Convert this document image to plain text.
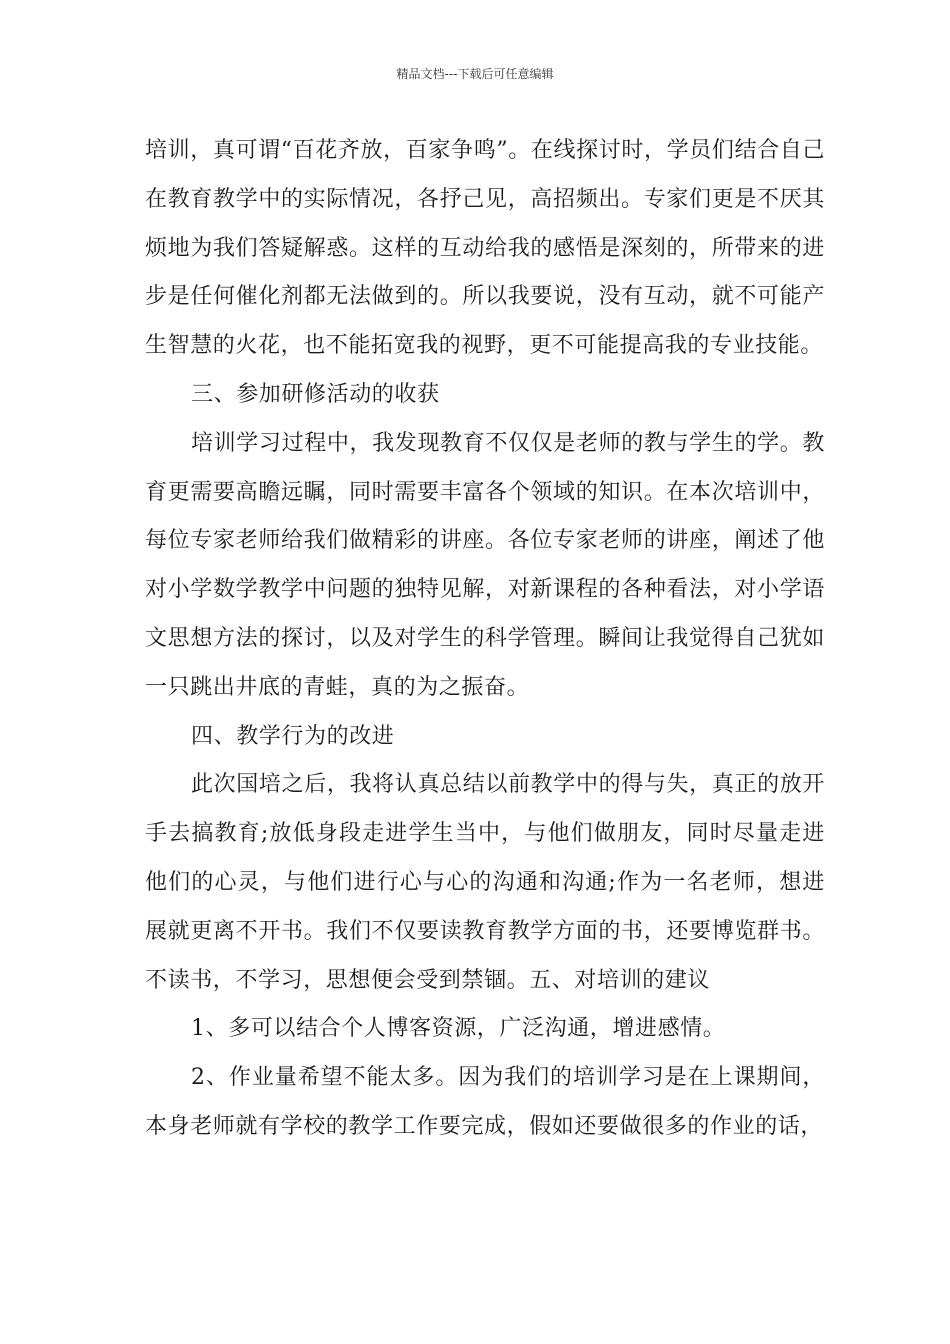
精品文档---下载后可任意编辑

培训，真可谓“百花齐放，百家争鸣”。在线探讨时，学员们结合自己在教育教学中的实际情况，各抒己见，高招频出。专家们更是不厌其烦地为我们答疑解惑。这样的互动给我的感悟是深刻的，所带来的进步是任何催化剂都无法做到的。所以我要说，没有互动，就不可能产生智慧的火花，也不能拓宽我的视野，更不可能提高我的专业技能。

三、参加研修活动的收获

培训学习过程中，我发现教育不仅仅是老师的教与学生的学。教育更需要高瞻远瞩，同时需要丰富各个领域的知识。在本次培训中，每位专家老师给我们做精彩的讲座。各位专家老师的讲座，阐述了他对小学数学教学中问题的独特见解，对新课程的各种看法，对小学语文思想方法的探讨，以及对学生的科学管理。瞬间让我觉得自己犹如一只跳出井底的青蛙，真的为之振奋。

四、教学行为的改进

此次国培之后，我将认真总结以前教学中的得与失，真正的放开手去搞教育;放低身段走进学生当中，与他们做朋友，同时尽量走进他们的心灵，与他们进行心与心的沟通和沟通;作为一名老师，想进展就更离不开书。我们不仅要读教育教学方面的书，还要博览群书。不读书，不学习，思想便会受到禁锢。五、对培训的建议

1、多可以结合个人博客资源，广泛沟通，增进感情。

2、作业量希望不能太多。因为我们的培训学习是在上课期间，本身老师就有学校的教学工作要完成，假如还要做很多的作业的话，
